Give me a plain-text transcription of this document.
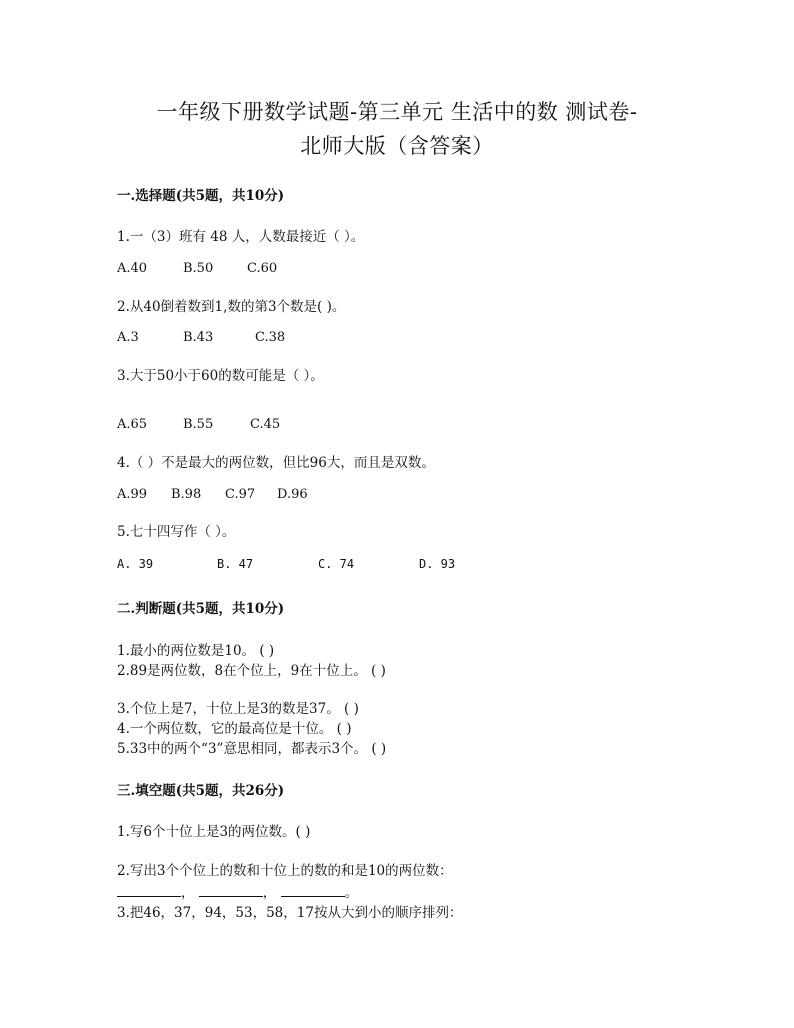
一年级下册数学试题-第三单元 生活中的数 测试卷-
北师大版（含答案）
一.选择题(共5题，共10分)
1.一（3）班有 48 人，人数最接近（ ）。
A.40	B.50	C.60
2.从40倒着数到1,数的第3个数是( )。
A.3	B.43	C.38
3.大于50小于60的数可能是（ ）。
A.65	B.55	C.45
4.（ ）不是最大的两位数，但比96大，而且是双数。
A.99 B.98 C.97 D.96
5.七十四写作（ ）。
A. 39	B. 47	C. 74	D. 93
二.判断题(共5题，共10分)
1.最小的两位数是10。 ( )
2.89是两位数，8在个位上，9在十位上。 ( )
3.个位上是7，十位上是3的数是37。 ( )
4.一个两位数，它的最高位是十位。 ( )
5.33中的两个“3”意思相同，都表示3个。 ( )
三.填空题(共5题，共26分)
1.写6个十位上是3的两位数。( )
2.写出3个个位上的数和十位上的数的和是10的两位数：
，	，	。
3.把46，37，94，53，58，17按从大到小的顺序排列：
